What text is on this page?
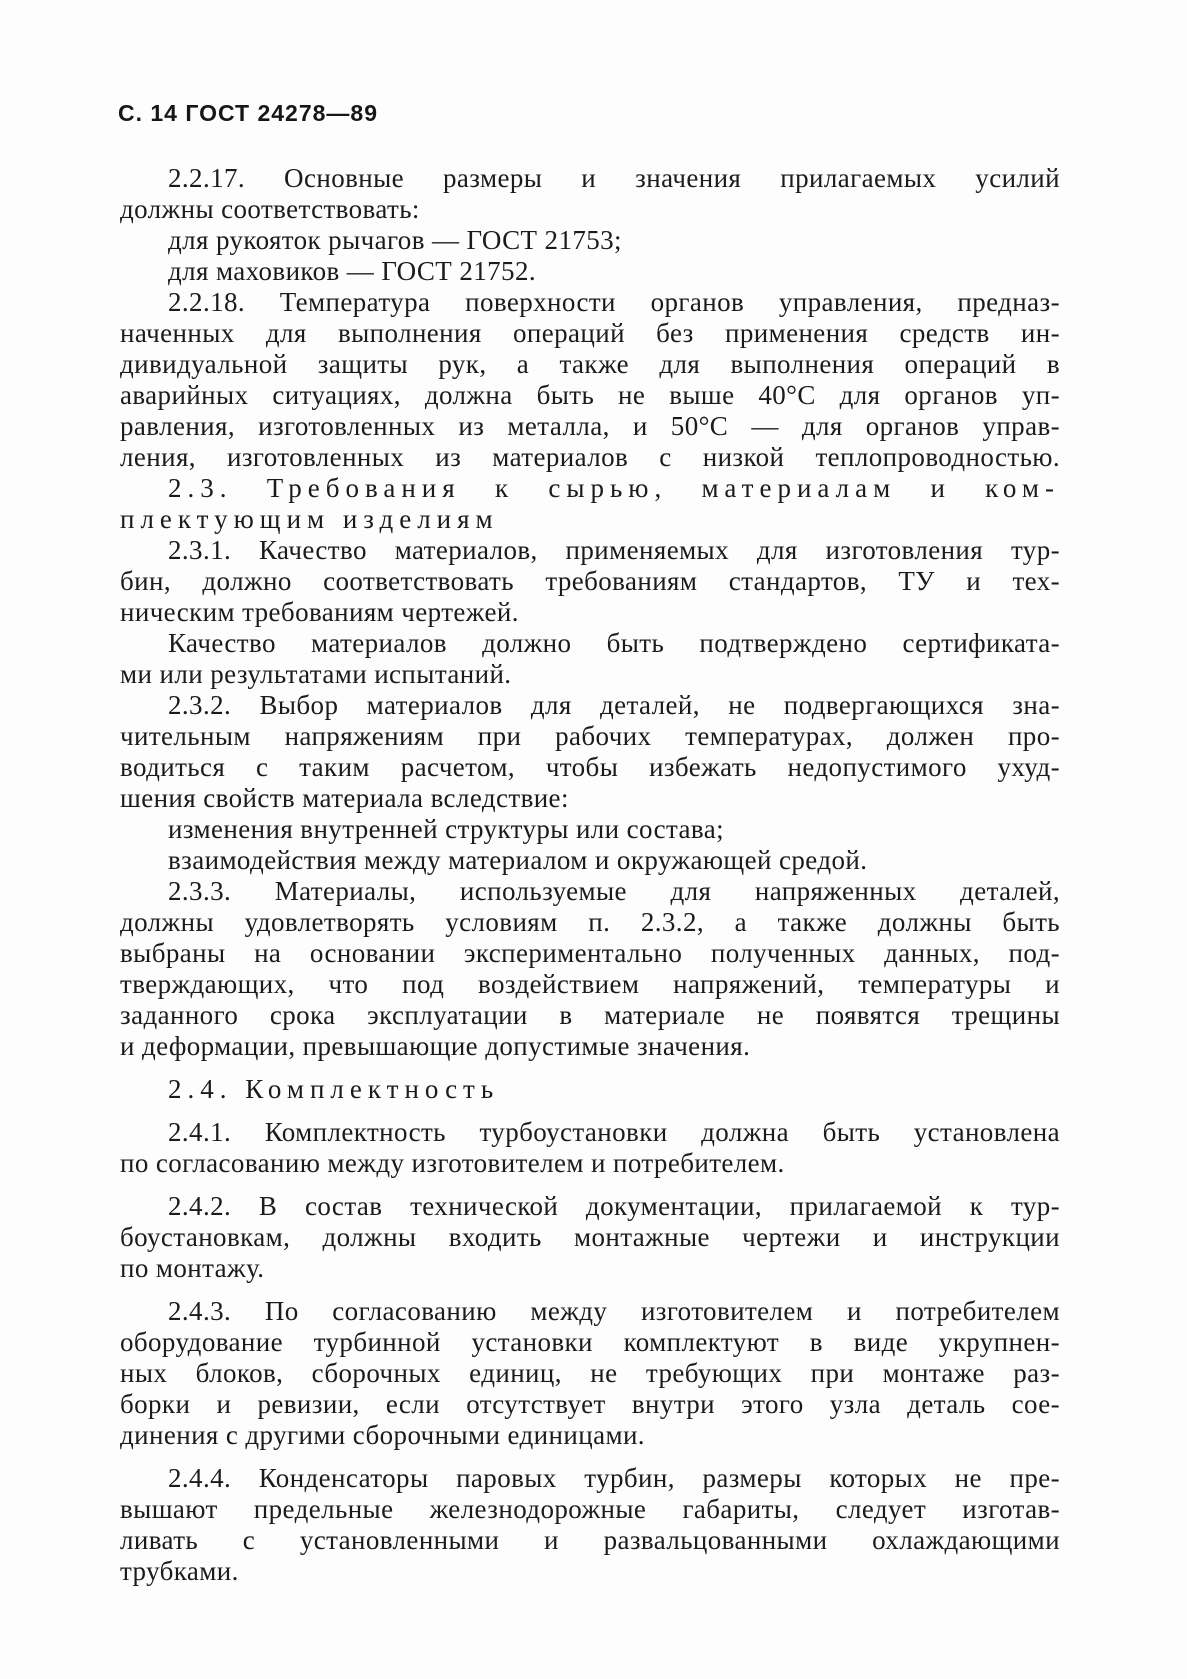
С. 14 ГОСТ 24278—89
2.2.17. Основные размеры и значения прилагаемых усилий
должны соответствовать:
для рукояток рычагов — ГОСТ 21753;
для маховиков — ГОСТ 21752.
2.2.18. Температура поверхности органов управления, предназ-
наченных для выполнения операций без применения средств ин-
дивидуальной защиты рук, а также для выполнения операций в
аварийных ситуациях, должна быть не выше 40°С для органов уп-
равления, изготовленных из металла, и 50°С — для органов управ-
ления, изготовленных из материалов с низкой теплопроводностью.
2.3. Требования к сырью, материалам и ком-
плектующим изделиям
2.3.1. Качество материалов, применяемых для изготовления тур-
бин, должно соответствовать требованиям стандартов, ТУ и тех-
ническим требованиям чертежей.
Качество материалов должно быть подтверждено сертификата-
ми или результатами испытаний.
2.3.2. Выбор материалов для деталей, не подвергающихся зна-
чительным напряжениям при рабочих температурах, должен про-
водиться с таким расчетом, чтобы избежать недопустимого ухуд-
шения свойств материала вследствие:
изменения внутренней структуры или состава;
взаимодействия между материалом и окружающей средой.
2.3.3. Материалы, используемые для напряженных деталей,
должны удовлетворять условиям п. 2.3.2, а также должны быть
выбраны на основании экспериментально полученных данных, под-
тверждающих, что под воздействием напряжений, температуры и
заданного срока эксплуатации в материале не появятся трещины
и деформации, превышающие допустимые значения.
2.4. Комплектность
2.4.1. Комплектность турбоустановки должна быть установлена
по согласованию между изготовителем и потребителем.
2.4.2. В состав технической документации, прилагаемой к тур-
боустановкам, должны входить монтажные чертежи и инструкции
по монтажу.
2.4.3. По согласованию между изготовителем и потребителем
оборудование турбинной установки комплектуют в виде укрупнен-
ных блоков, сборочных единиц, не требующих при монтаже раз-
борки и ревизии, если отсутствует внутри этого узла деталь сое-
динения с другими сборочными единицами.
2.4.4. Конденсаторы паровых турбин, размеры которых не пре-
вышают предельные железнодорожные габариты, следует изготав-
ливать с установленными и развальцованными охлаждающими
трубками.
